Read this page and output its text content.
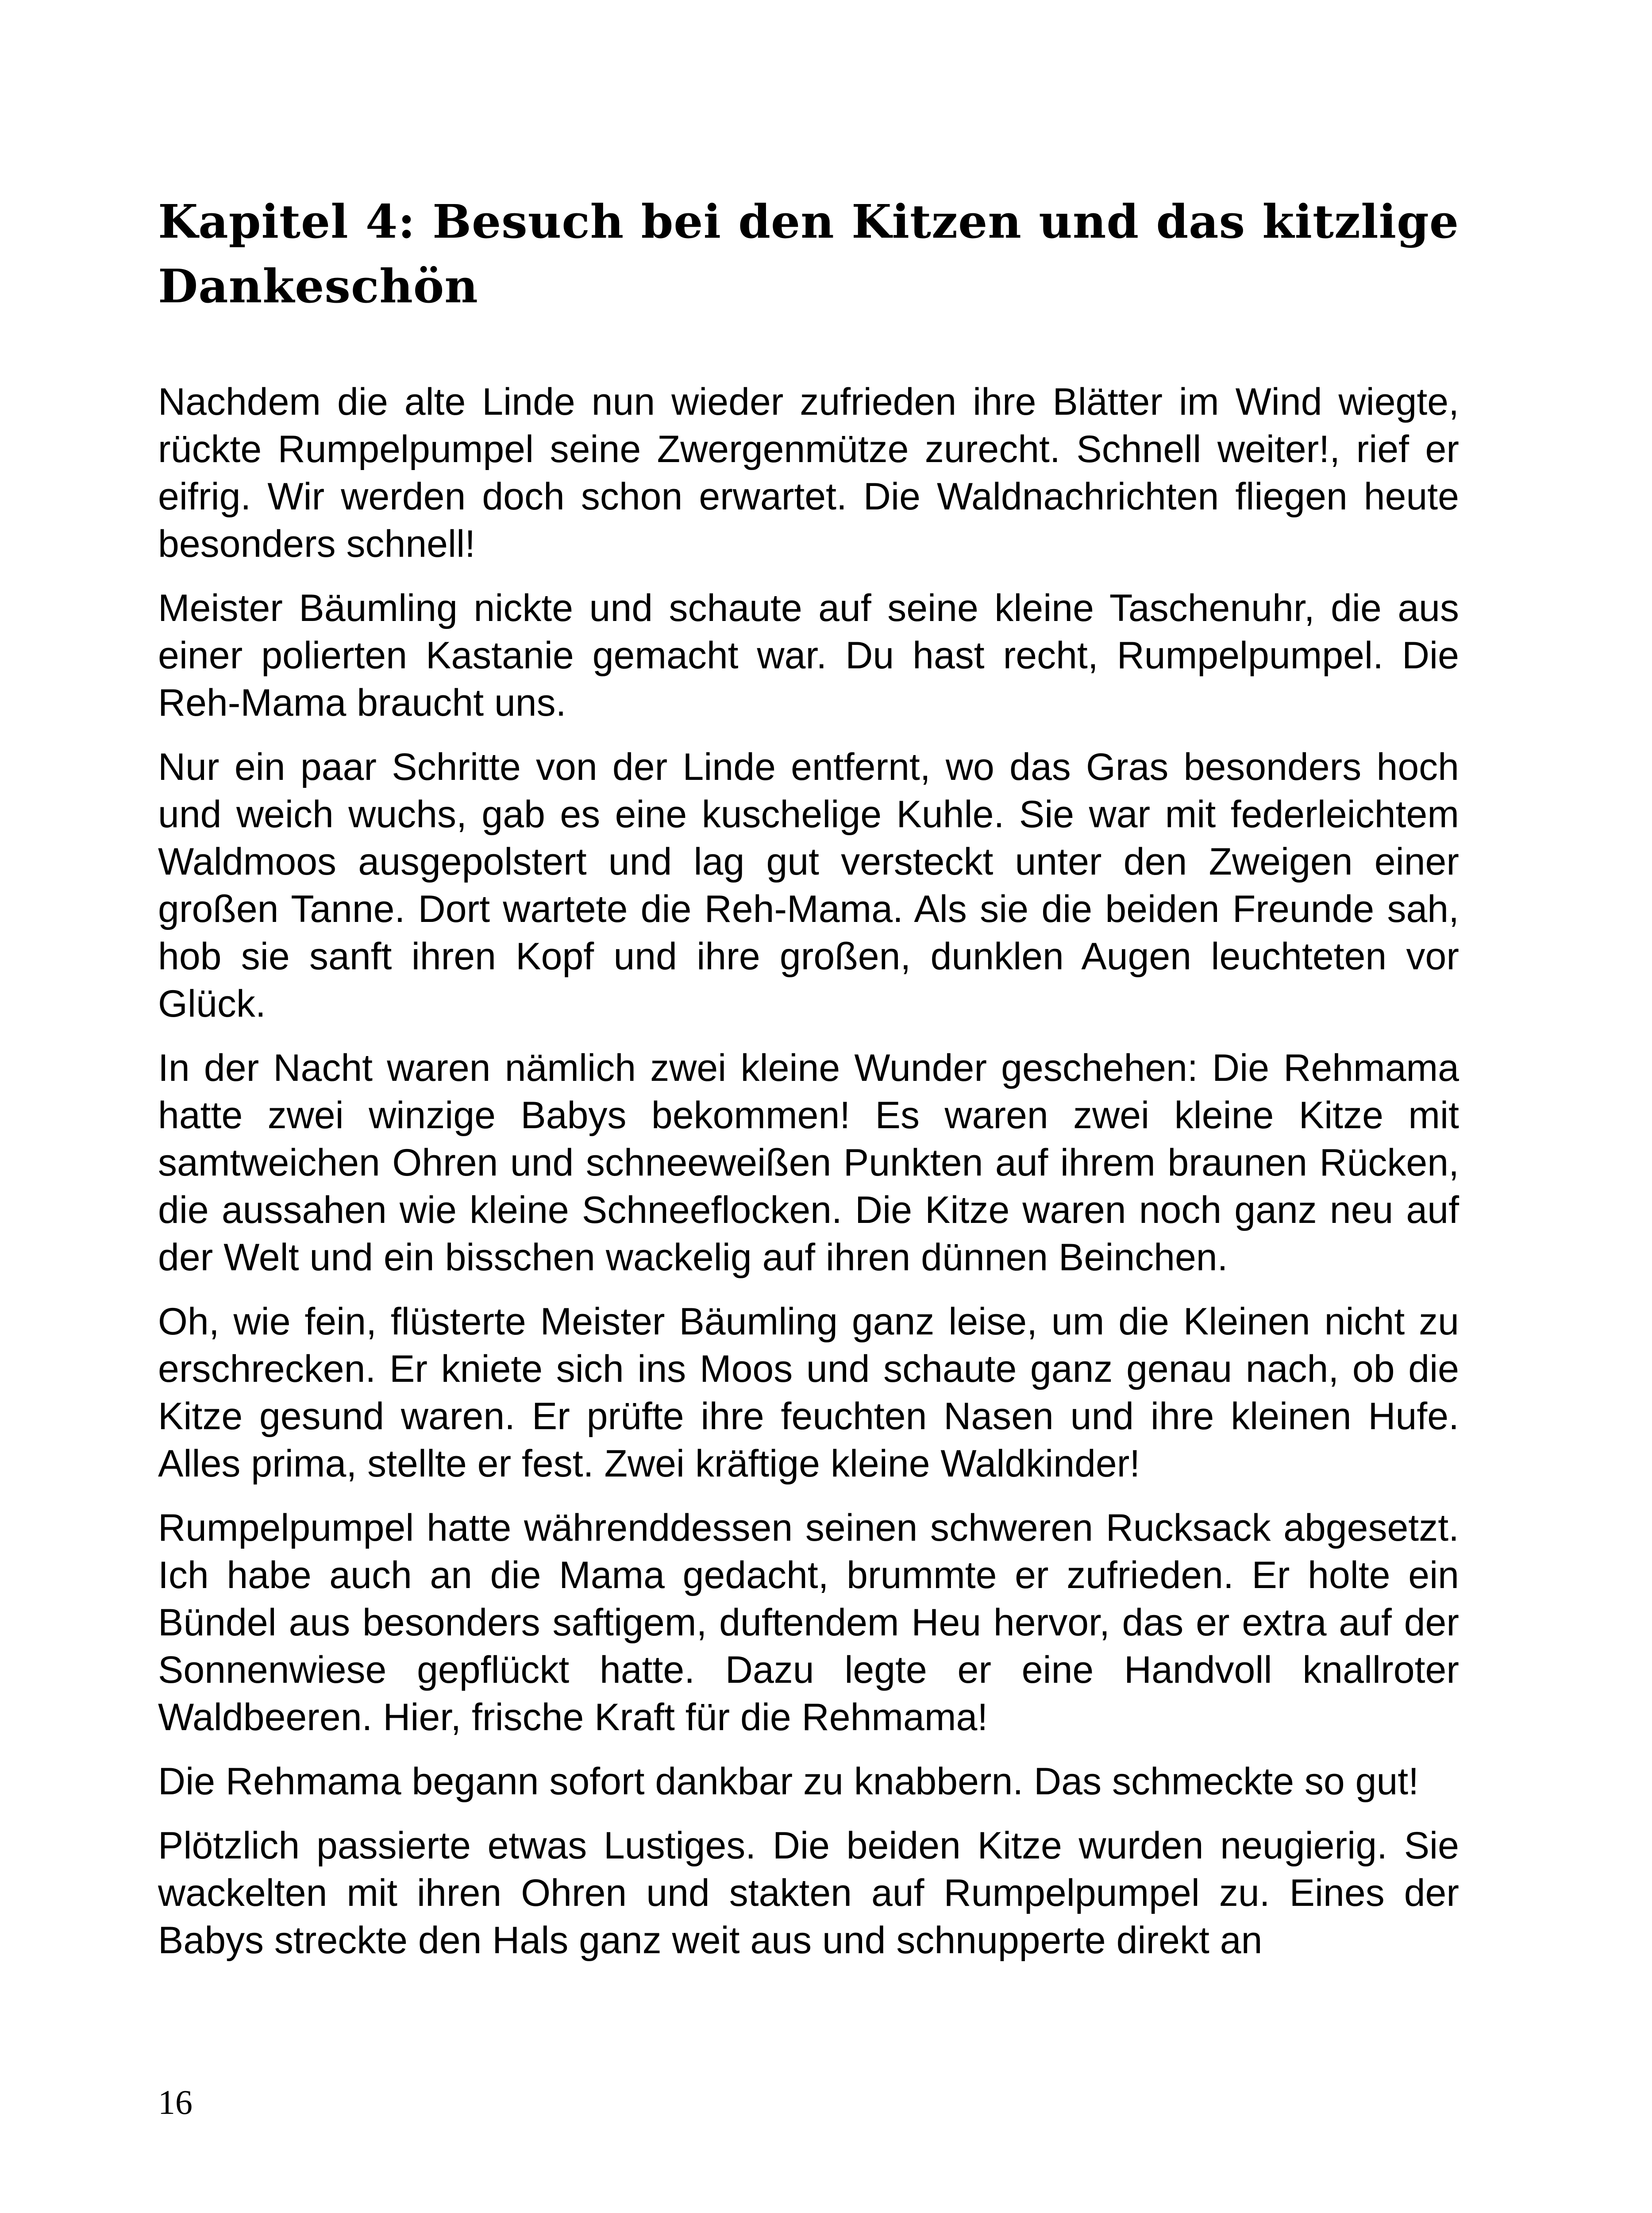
Kapitel 4: Besuch bei den Kitzen und das kitzlige Dankeschön

Nachdem die alte Linde nun wieder zufrieden ihre Blätter im Wind wiegte, rückte Rumpelpumpel seine Zwergenmütze zurecht. Schnell weiter!, rief er eifrig. Wir werden doch schon erwartet. Die Waldnachrichten fliegen heute besonders schnell!

Meister Bäumling nickte und schaute auf seine kleine Taschenuhr, die aus einer polierten Kastanie gemacht war. Du hast recht, Rumpelpumpel. Die Reh-Mama braucht uns.

Nur ein paar Schritte von der Linde entfernt, wo das Gras besonders hoch und weich wuchs, gab es eine kuschelige Kuhle. Sie war mit federleichtem Waldmoos ausgepolstert und lag gut versteckt unter den Zweigen einer großen Tanne. Dort wartete die Reh-Mama. Als sie die beiden Freunde sah, hob sie sanft ihren Kopf und ihre großen, dunklen Augen leuchteten vor Glück.

In der Nacht waren nämlich zwei kleine Wunder geschehen: Die Rehmama hatte zwei winzige Babys bekommen! Es waren zwei kleine Kitze mit samtweichen Ohren und schneeweißen Punkten auf ihrem braunen Rücken, die aussahen wie kleine Schneeflocken. Die Kitze waren noch ganz neu auf der Welt und ein bisschen wackelig auf ihren dünnen Beinchen.

Oh, wie fein, flüsterte Meister Bäumling ganz leise, um die Kleinen nicht zu erschrecken. Er kniete sich ins Moos und schaute ganz genau nach, ob die Kitze gesund waren. Er prüfte ihre feuchten Nasen und ihre kleinen Hufe. Alles prima, stellte er fest. Zwei kräftige kleine Waldkinder!

Rumpelpumpel hatte währenddessen seinen schweren Rucksack abgesetzt. Ich habe auch an die Mama gedacht, brummte er zufrieden. Er holte ein Bündel aus besonders saftigem, duftendem Heu hervor, das er extra auf der Sonnenwiese gepflückt hatte. Dazu legte er eine Handvoll knallroter Waldbeeren. Hier, frische Kraft für die Rehmama!

Die Rehmama begann sofort dankbar zu knabbern. Das schmeckte so gut!

Plötzlich passierte etwas Lustiges. Die beiden Kitze wurden neugierig. Sie wackelten mit ihren Ohren und stakten auf Rumpelpumpel zu. Eines der Babys streckte den Hals ganz weit aus und schnupperte direkt an

16
